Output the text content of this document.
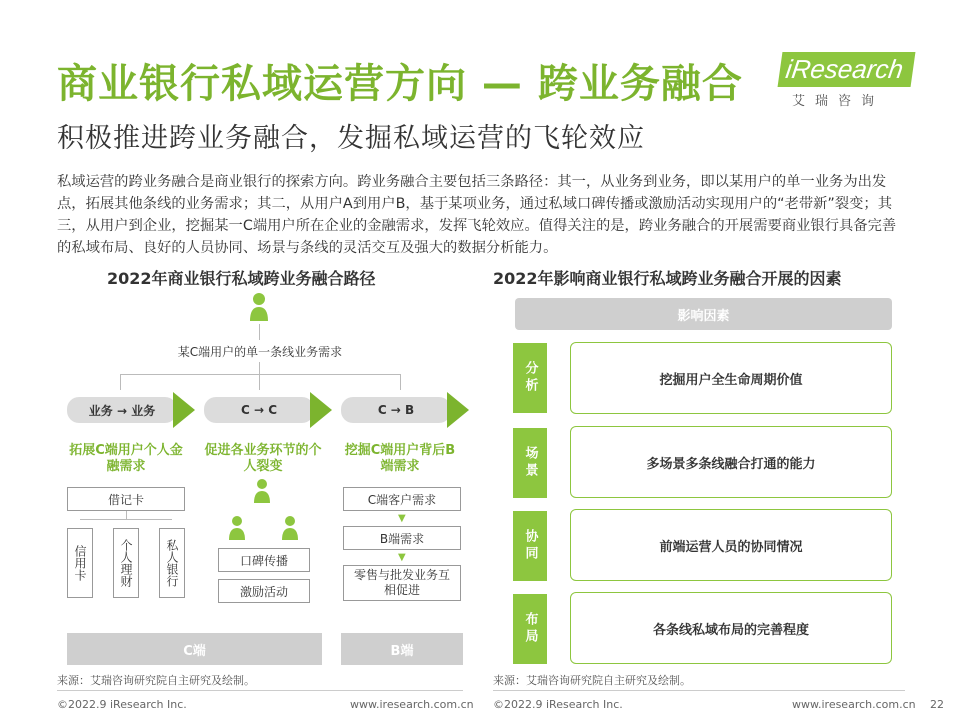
商业银行私域运营方向 — 跨业务融合
积极推进跨业务融合，发掘私域运营的飞轮效应
iResearch
艾瑞咨询
私域运营的跨业务融合是商业银行的探索方向。跨业务融合主要包括三条路径：其一，从业务到业务，即以某用户的单一业务为出发点，拓展其他条线的业务需求；其二，从用户A到用户B，基于某项业务，通过私域口碑传播或激励活动实现用户的“老带新”裂变；其三，从用户到企业，挖掘某一C端用户所在企业的金融需求，发挥飞轮效应。值得关注的是，跨业务融合的开展需要商业银行具备完善的私域布局、良好的人员协同、场景与条线的灵活交互及强大的数据分析能力。
2022年商业银行私域跨业务融合路径
某C端用户的单一条线业务需求
业务 → 业务	C → C	C → B
拓展C端用户个人金融需求
促进各业务环节的个人裂变
挖掘C端用户背后B端需求
借记卡
信用卡	个人理财	私人银行	口碑传播
激励活动
C端客户需求
▼
B端需求
▼
零售与批发业务互相促进
C端	B端
来源：艾瑞咨询研究院自主研究及绘制。
2022年影响商业银行私域跨业务融合开展的因素
影响因素
分析	挖掘用户全生命周期价值
场景	多场景多条线融合打通的能力
协同	前端运营人员的协同情况
布局	各条线私域布局的完善程度
来源：艾瑞咨询研究院自主研究及绘制。
©2022.9 iResearch Inc.	www.iresearch.com.cn ©2022.9 iResearch Inc.	www.iresearch.com.cn 22
